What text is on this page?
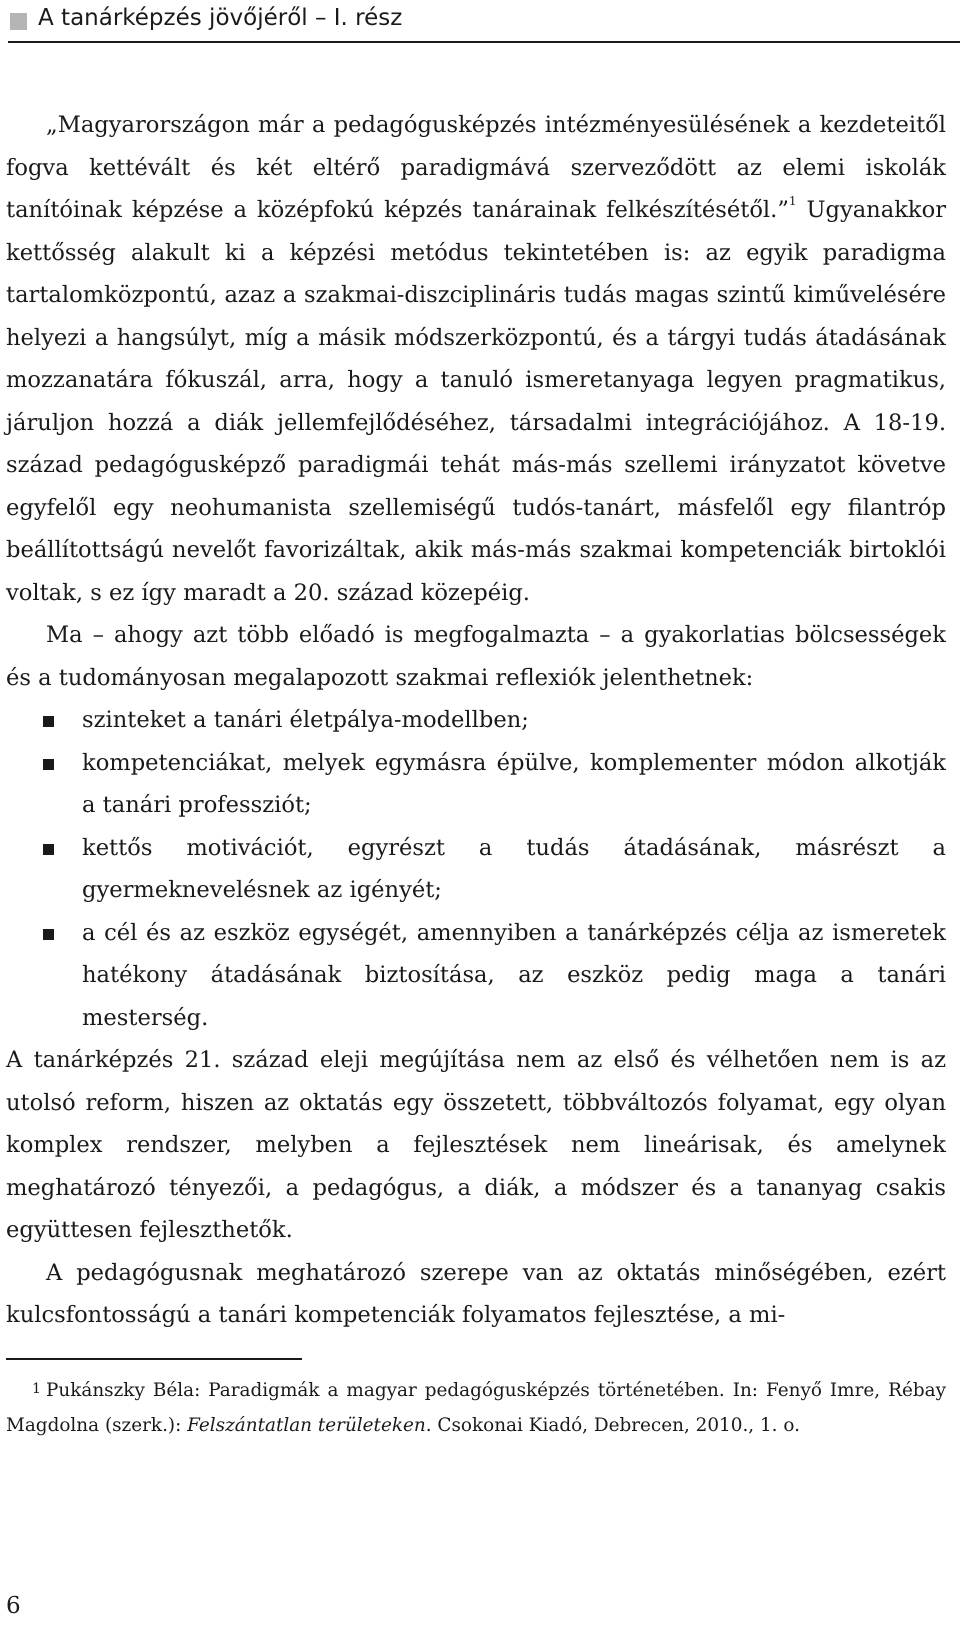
A tanárképzés jövőjéről – I. rész

„Magyarországon már a pedagógusképzés intézményesülésének a kezdeteitől fogva kettévált és két eltérő paradigmává szerveződött az elemi iskolák tanítóinak képzése a középfokú képzés tanárainak felkészítésétől.”$^1$ Ugyanakkor kettősség alakult ki a képzési metódus tekintetében is: az egyik paradigma tartalomközpontú, azaz a szakmai-diszciplináris tudás magas szintű kiművelésére helyezi a hangsúlyt, míg a másik módszerközpontú, és a tárgyi tudás átadásának mozzanatára fókuszál, arra, hogy a tanuló ismeretanyaga legyen pragmatikus, járuljon hozzá a diák jellemfejlődéséhez, társadalmi integrációjához. A 18-19. század pedagógusképző paradigmái tehát más-más szellemi irányzatot követve egyfelől egy neohumanista szellemiségű tudós-tanárt, másfelől egy filantróp beállítottságú nevelőt favorizáltak, akik más-más szakmai kompetenciák birtoklói voltak, s ez így maradt a 20. század közepéig.

Ma – ahogy azt több előadó is megfogalmazta – a gyakorlatias bölcsességek és a tudományosan megalapozott szakmai reflexiók jelenthetnek:

szinteket a tanári életpálya-modellben;
kompetenciákat, melyek egymásra épülve, komplementer módon alkotják a tanári professziót;
kettős motivációt, egyrészt a tudás átadásának, másrészt a gyermeknevelésnek az igényét;
a cél és az eszköz egységét, amennyiben a tanárképzés célja az ismeretek hatékony átadásának biztosítása, az eszköz pedig maga a tanári mesterség.

A tanárképzés 21. század eleji megújítása nem az első és vélhetően nem is az utolsó reform, hiszen az oktatás egy összetett, többváltozós folyamat, egy olyan komplex rendszer, melyben a fejlesztések nem lineárisak, és amelynek meghatározó tényezői, a pedagógus, a diák, a módszer és a tananyag csakis együttesen fejleszthetők.

A pedagógusnak meghatározó szerepe van az oktatás minőségében, ezért kulcsfontosságú a tanári kompetenciák folyamatos fejlesztése, a mi-

1 Pukánszky Béla: Paradigmák a magyar pedagógusképzés történetében. In: Fenyő Imre, Rébay Magdolna (szerk.): Felszántatlan területeken. Csokonai Kiadó, Debrecen, 2010., 1. o.
6
